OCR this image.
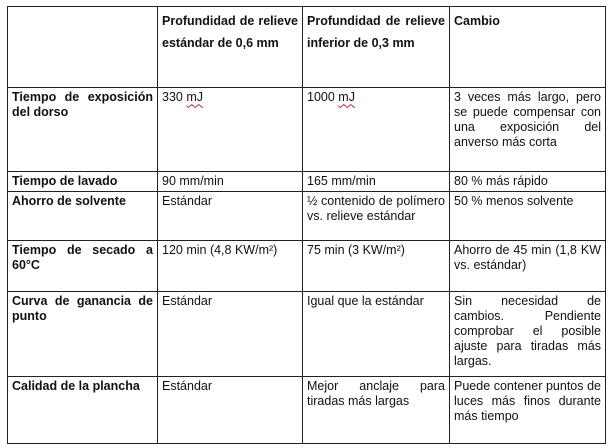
	Profundidad de relieve estándar de 0,6 mm	Profundidad de relieve inferior de 0,3 mm	Cambio
Tiempo de exposición del dorso	330 mJ	1000 mJ	3 veces más largo, pero se puede compensar con una exposición del anverso más corta
Tiempo de lavado	90 mm/min	165 mm/min	80 % más rápido
Ahorro de solvente	Estándar	½ contenido de polímero vs. relieve estándar	50 % menos solvente
Tiempo de secado a 60°C	120 min (4,8 KW/m²)	75 min (3 KW/m²)	Ahorro de 45 min (1,8 KW vs. estándar)
Curva de ganancia de punto	Estándar	Igual que la estándar	Sin necesidad de cambios. Pendiente comprobar el posible ajuste para tiradas más largas.
Calidad de la plancha	Estándar	Mejor anclaje para tiradas más largas	Puede contener puntos de luces más finos durante más tiempo
